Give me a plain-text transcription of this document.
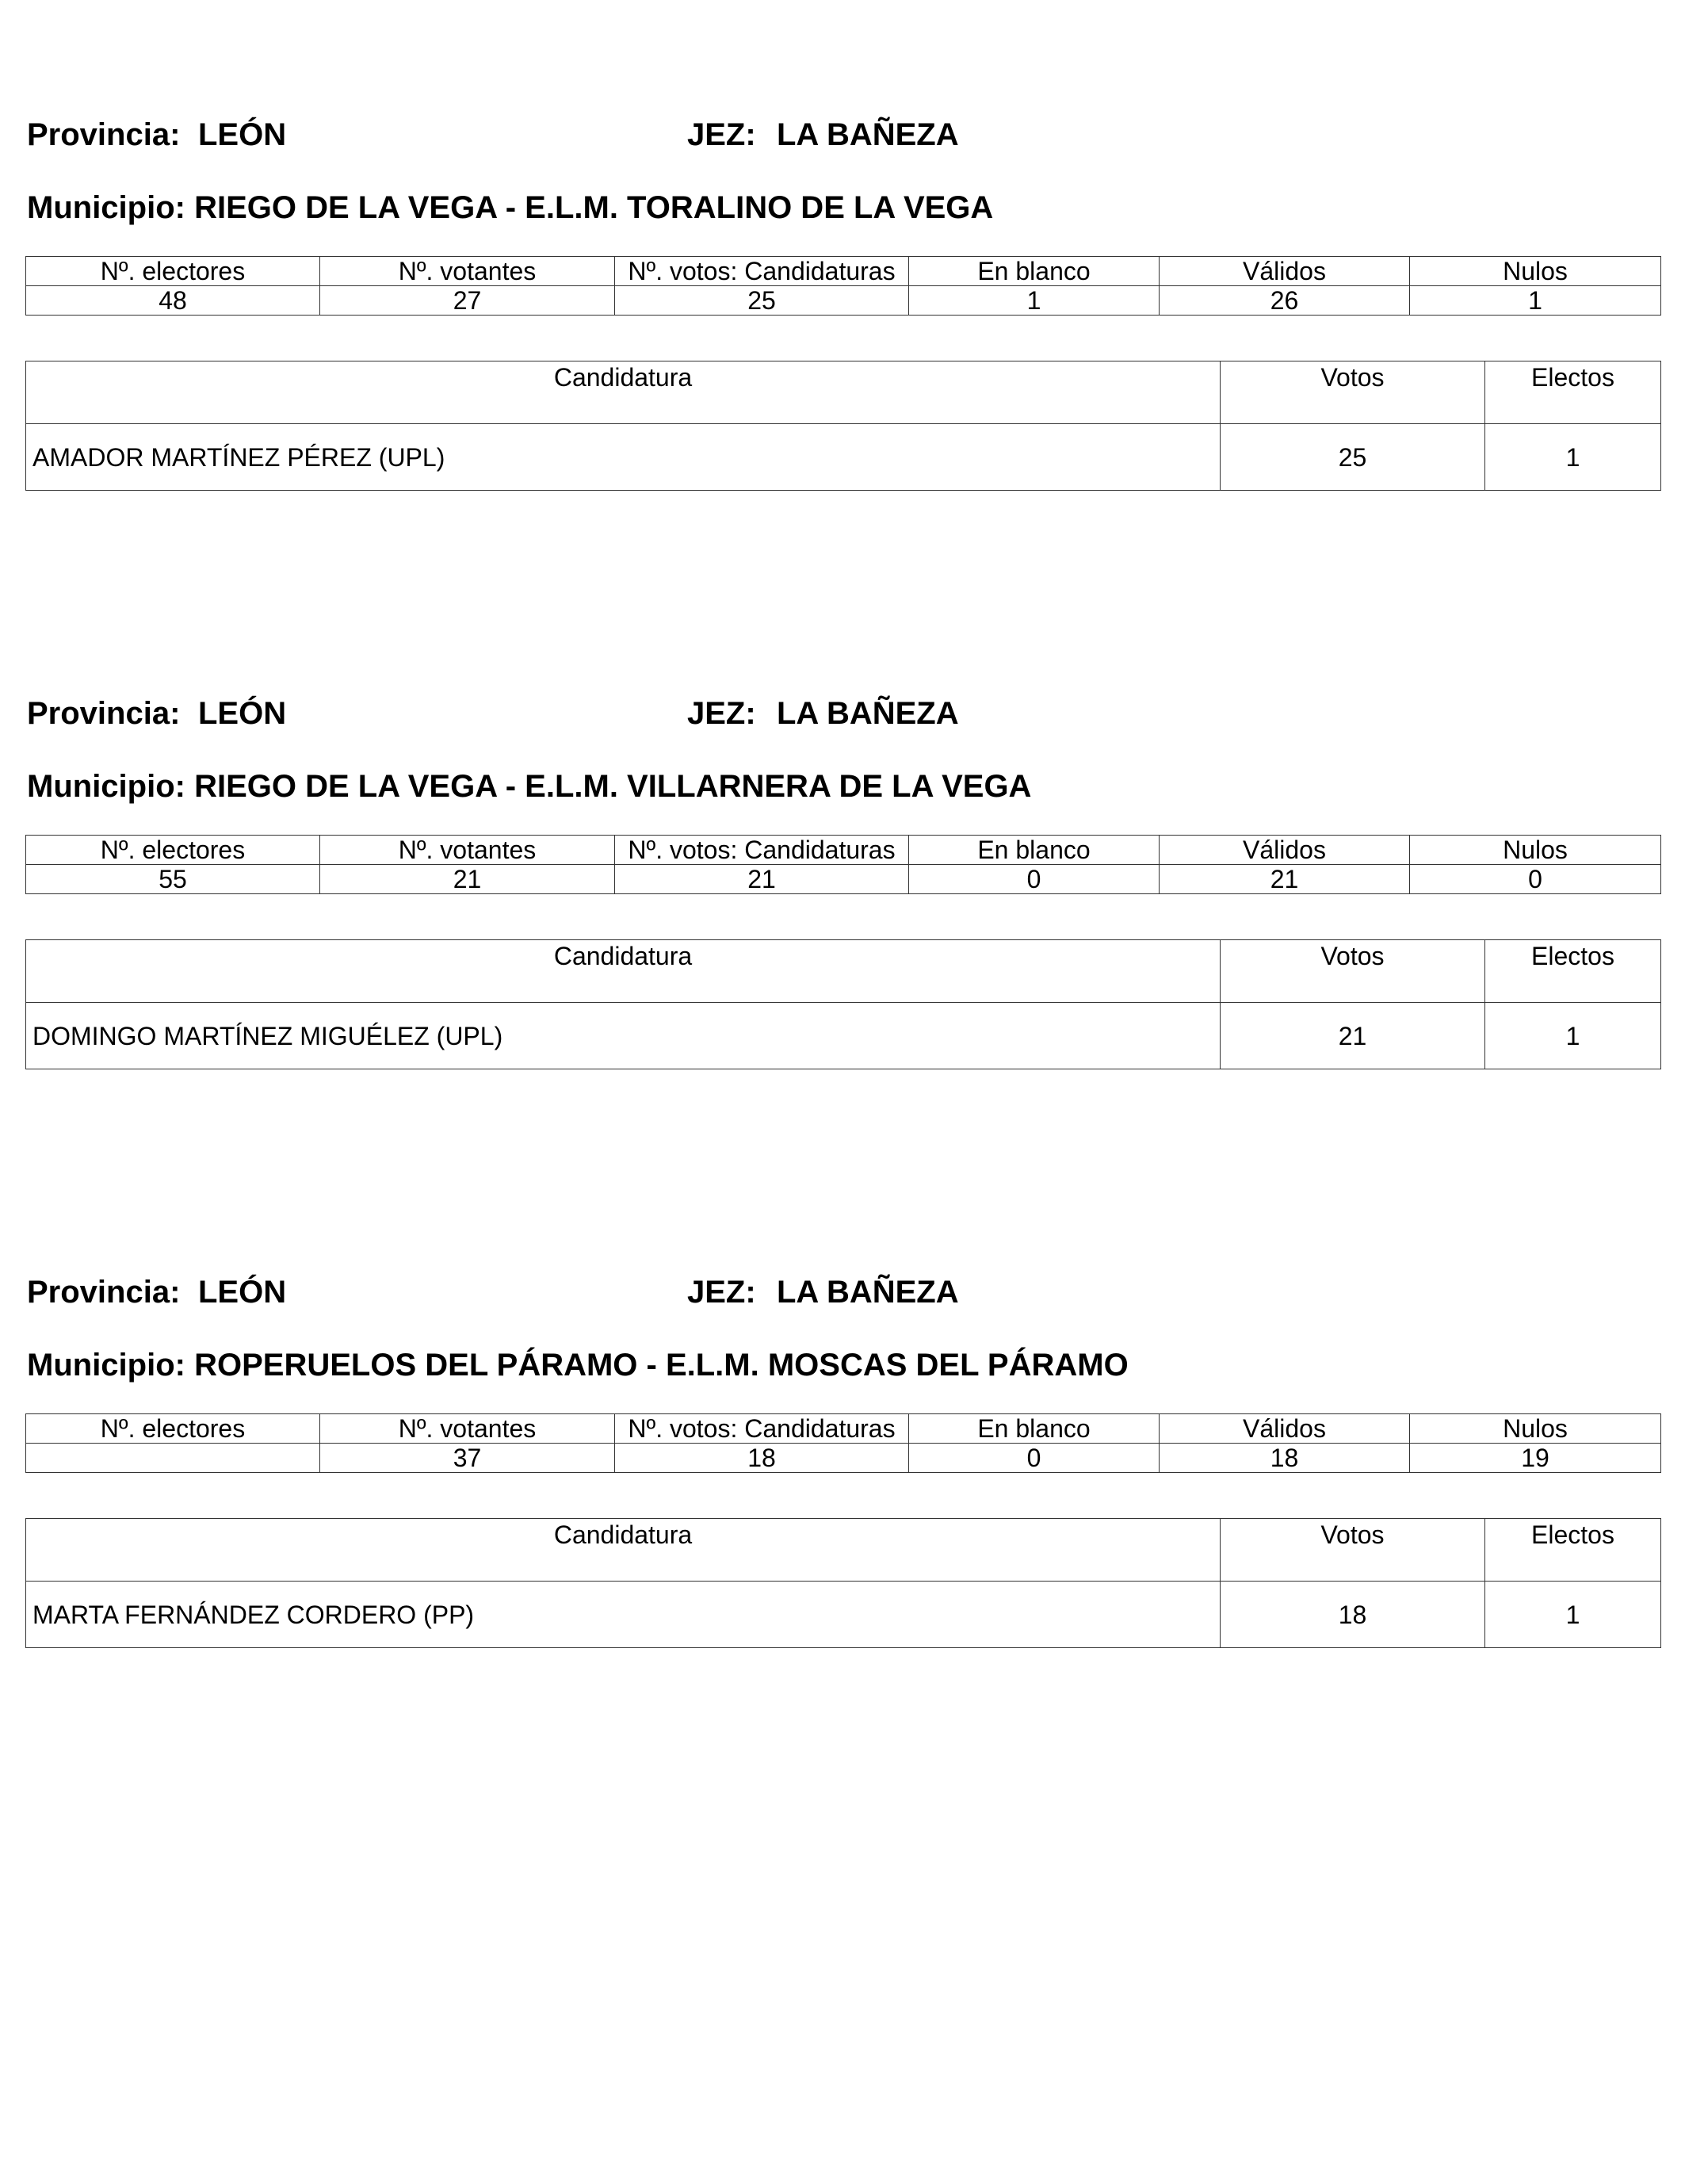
Provincia: LEÓN	JEZ: LA BAÑEZA
Municipio: RIEGO DE LA VEGA - E.L.M. TORALINO DE LA VEGA
Nº. electores	Nº. votantes	Nº. votos: Candidaturas	En blanco	Válidos	Nulos
48	27	25	1	26	1
Candidatura	Votos	Electos
AMADOR MARTÍNEZ PÉREZ (UPL)	25	1
Provincia: LEÓN	JEZ: LA BAÑEZA
Municipio: RIEGO DE LA VEGA - E.L.M. VILLARNERA DE LA VEGA
Nº. electores	Nº. votantes	Nº. votos: Candidaturas	En blanco	Válidos	Nulos
55	21	21	0	21	0
Candidatura	Votos	Electos
DOMINGO MARTÍNEZ MIGUÉLEZ (UPL)	21	1
Provincia: LEÓN	JEZ: LA BAÑEZA
Municipio: ROPERUELOS DEL PÁRAMO - E.L.M. MOSCAS DEL PÁRAMO
Nº. electores	Nº. votantes	Nº. votos: Candidaturas	En blanco	Válidos	Nulos
	37	18	0	18	19
Candidatura	Votos	Electos
MARTA FERNÁNDEZ CORDERO (PP)	18	1
